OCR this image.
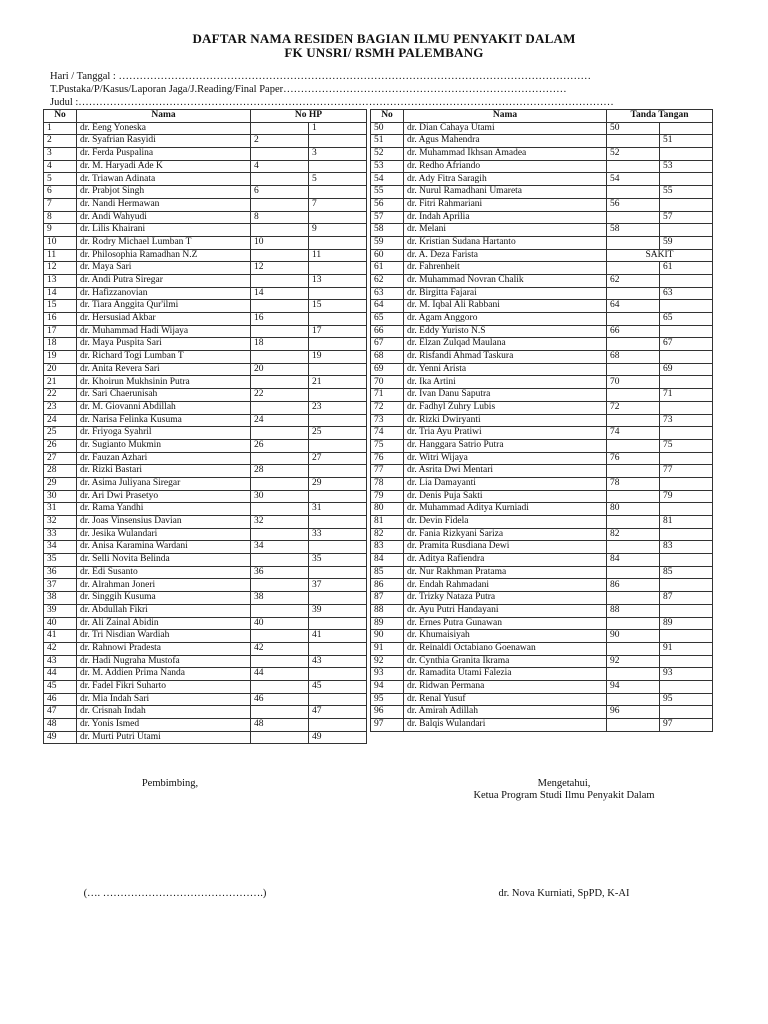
DAFTAR NAMA RESIDEN BAGIAN ILMU PENYAKIT DALAM
FK UNSRI/ RSMH PALEMBANG
Hari / Tanggal : ………………………………………………………………………………………………………………………
T.Pustaka/P/Kasus/Laporan Jaga/J.Reading/Final Paper………………………………………………………………………
Judul :………………………………………………………………………………………………………………………………………
No	Nama	No HP	
1	dr. Eeng Yoneska		1
2	dr. Syafrian Rasyidi	2	
3	dr. Ferda Puspalina		3
4	dr. M. Haryadi Ade K	4	
5	dr. Triawan Adinata		5
6	dr. Prabjot Singh	6	
7	dr. Nandi Hermawan		7
8	dr. Andi Wahyudi	8	
9	dr. Lilis Khairani		9
10	dr. Rodry Michael Lumban T	10	
11	dr. Philosophia Ramadhan N.Z		11
12	dr. Maya Sari	12	
13	dr. Andi Putra Siregar		13
14	dr. Hafizzanovian	14	
15	dr. Tiara Anggita Qur'ilmi		15
16	dr. Hersusiad Akbar	16	
17	dr. Muhammad Hadi Wijaya		17
18	dr. Maya Puspita Sari	18	
19	dr. Richard Togi Lumban T		19
20	dr. Anita Revera Sari	20	
21	dr. Khoirun Mukhsinin Putra		21
22	dr. Sari Chaerunisah	22	
23	dr. M. Giovanni Abdillah		23
24	dr. Narisa Felinka Kusuma	24	
25	dr. Friyoga Syahril		25
26	dr. Sugianto Mukmin	26	
27	dr. Fauzan Azhari		27
28	dr. Rizki Bastari	28	
29	dr. Asima Juliyana Siregar		29
30	dr. Ari Dwi Prasetyo	30	
31	dr. Rama Yandhi		31
32	dr. Joas Vinsensius Davian	32	
33	dr. Jesika Wulandari		33
34	dr. Anisa Karamina Wardani	34	
35	dr. Selli Novita Belinda		35
36	dr. Edi Susanto	36	
37	dr. Alrahman Joneri		37
38	dr. Singgih Kusuma	38	
39	dr. Abdullah Fikri		39
40	dr. Ali Zainal Abidin	40	
41	dr. Tri Nisdian Wardiah		41
42	dr. Rahnowi Pradesta	42	
43	dr. Hadi Nugraha Mustofa		43
44	dr. M. Addien Prima Nanda	44	
45	dr. Fadel Fikri Suharto		45
46	dr. Mia Indah Sari	46	
47	dr. Crisnah Indah		47
48	dr. Yonis Ismed	48	
49	dr. Murti Putri Utami		49
No	Nama	Tanda Tangan	
50	dr. Dian Cahaya Utami	50	
51	dr. Agus Mahendra		51
52	dr. Muhammad Ikhsan Amadea	52	
53	dr. Redho Afriando		53
54	dr. Ady Fitra Saragih	54	
55	dr. Nurul Ramadhani Umareta		55
56	dr. Fitri Rahmariani	56	
57	dr. Indah Aprilia		57
58	dr. Melani	58	
59	dr. Kristian Sudana Hartanto		59
60	dr. A. Deza Farista	SAKIT	
61	dr. Fahrenheit		61
62	dr. Muhammad Novran Chalik	62	
63	dr. Birgitta Fajarai		63
64	dr. M. Iqbal Ali Rabbani	64	
65	dr. Agam Anggoro		65
66	dr. Eddy Yuristo N.S	66	
67	dr. Elzan Zulqad Maulana		67
68	dr. Risfandi Ahmad Taskura	68	
69	dr. Yenni Arista		69
70	dr. Ika Artini	70	
71	dr. Ivan Danu Saputra		71
72	dr. Fadhyl Zuhry Lubis	72	
73	dr. Rizki Dwiryanti		73
74	dr. Tria Ayu Pratiwi	74	
75	dr. Hanggara Satrio Putra		75
76	dr. Witri Wijaya	76	
77	dr. Asrita Dwi Mentari		77
78	dr. Lia Damayanti	78	
79	dr. Denis Puja Sakti		79
80	dr. Muhammad Aditya Kurniadi	80	
81	dr. Devin Fidela		81
82	dr. Fania Rizkyani Sariza	82	
83	dr. Pramita Rusdiana Dewi		83
84	dr. Aditya Rafiendra	84	
85	dr. Nur Rakhman Pratama		85
86	dr. Endah Rahmadani	86	
87	dr. Trizky Nataza Putra		87
88	dr. Ayu Putri Handayani	88	
89	dr. Ernes Putra Gunawan		89
90	dr. Khumaisiyah	90	
91	dr. Reinaldi Octabiano Goenawan		91
92	dr. Cynthia Granita Ikrama	92	
93	dr. Ramadita Utami Falezia		93
94	dr. Ridwan Permana	94	
95	dr. Renal Yusuf		95
96	dr. Amirah Adillah	96	
97	dr. Balqis Wulandari		97
Pembimbing,	Mengetahui,
Ketua Program Studi Ilmu Penyakit Dalam
(…. ……………………………………….)	dr. Nova Kurniati, SpPD, K-AI
